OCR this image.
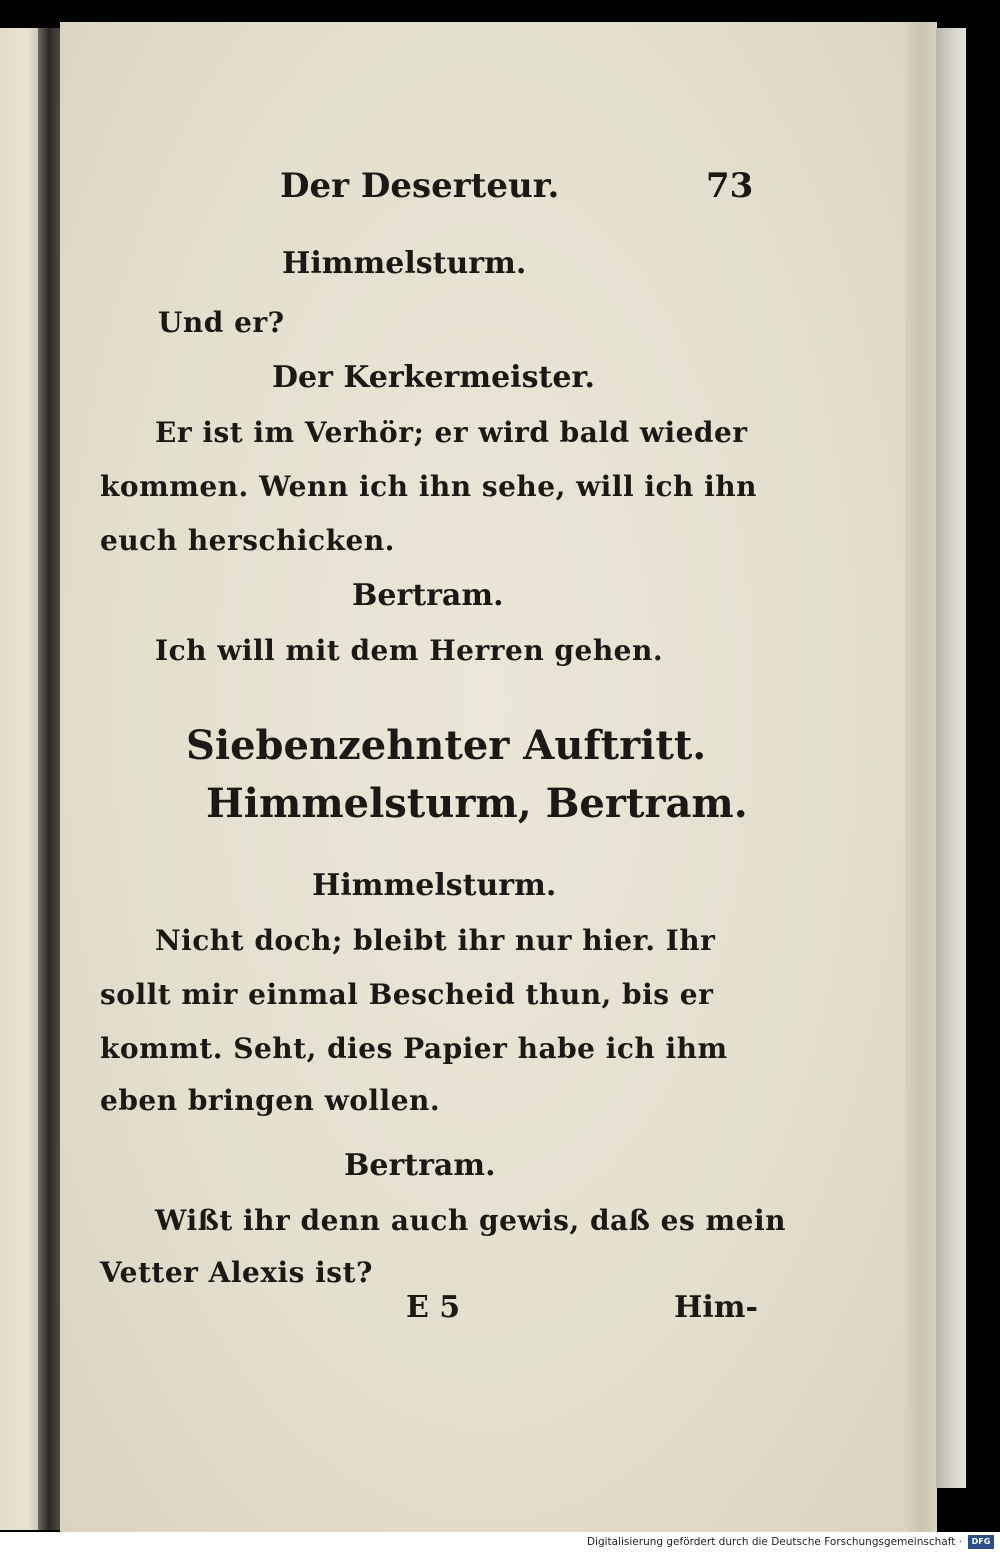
Der Deserteur.	73
Himmelsturm.
Und er?
Der Kerkermeister.
Er ist im Verhör; er wird bald wieder
kommen. Wenn ich ihn sehe, will ich ihn
euch herschicken.
Bertram.
Ich will mit dem Herren gehen.
Siebenzehnter Auftritt.
Himmelsturm, Bertram.
Himmelsturm.
Nicht doch; bleibt ihr nur hier. Ihr
sollt mir einmal Bescheid thun, bis er
kommt. Seht, dies Papier habe ich ihm
eben bringen wollen.
Bertram.
Wißt ihr denn auch gewis, daß es mein
Vetter Alexis ist?
E 5	Him-
Digitalisierung gefördert durch die Deutsche Forschungsgemeinschaft ·	DFG
